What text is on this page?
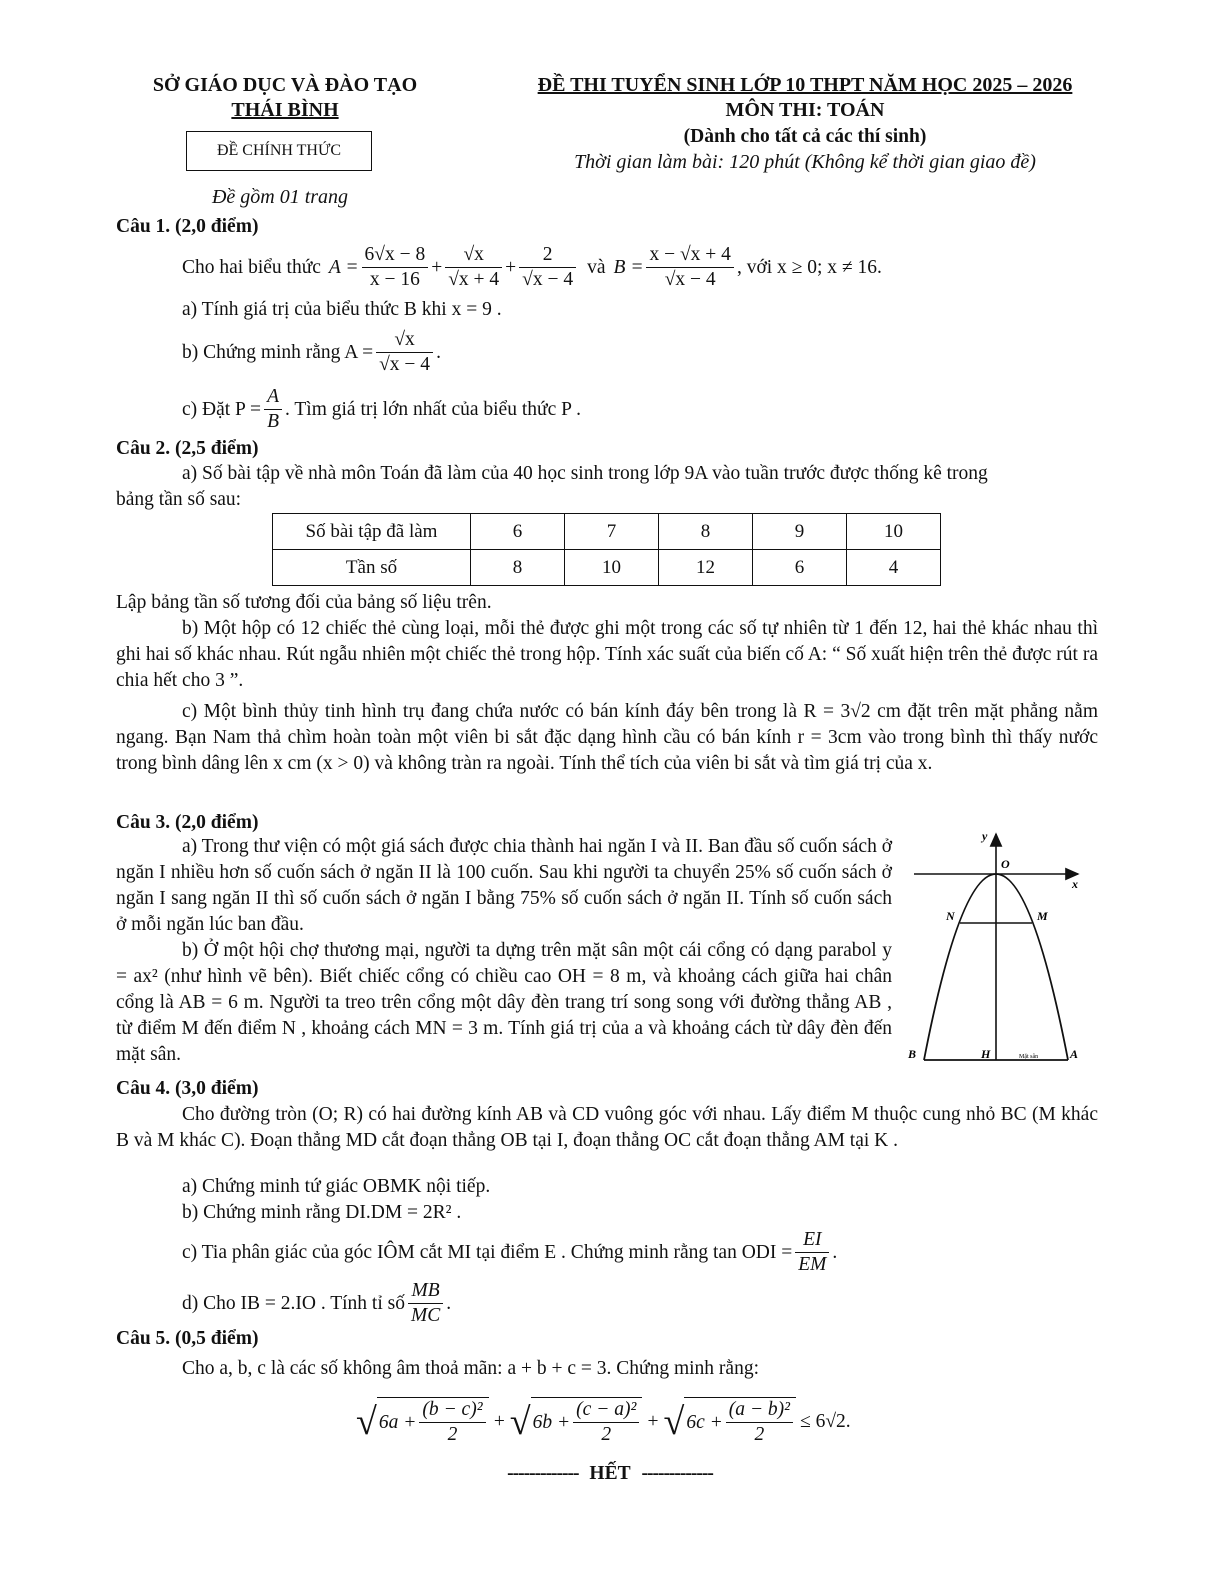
SỞ GIÁO DỤC VÀ ĐÀO TẠO
THÁI BÌNH
ĐỀ CHÍNH THỨC
Đề gồm 01 trang
ĐỀ THI TUYỂN SINH LỚP 10 THPT NĂM HỌC 2025 – 2026
MÔN THI: TOÁN
(Dành cho tất cả các thí sinh)
Thời gian làm bài: 120 phút (Không kể thời gian giao đề)
Câu 1. (2,0 điểm)
Cho hai biểu thức $A = \frac{6√x - 8}{x - 16} + \frac{√x}{√x + 4} + \frac{2}{√x - 4}$ và $B = \frac{x - √x + 4}{√x - 4}$ , với x ≥ 0; x ≠ 16.
a) Tính giá trị của biểu thức B khi x = 9 .
b) Chứng minh rằng $A = \frac{√x}{√x - 4}$ .
c) Đặt $P = \frac{A}{B}$ . Tìm giá trị lớn nhất của biểu thức P .
Câu 2. (2,5 điểm)
a) Số bài tập về nhà môn Toán đã làm của 40 học sinh trong lớp 9A vào tuần trước được thống kê trong
bảng tần số sau:
Số bài tập đã làm	6	7	8	9	10
Tần số	8	10	12	6	4
Lập bảng tần số tương đối của bảng số liệu trên.
b) Một hộp có 12 chiếc thẻ cùng loại, mỗi thẻ được ghi một trong các số tự nhiên từ 1 đến 12, hai thẻ khác nhau thì ghi hai số khác nhau. Rút ngẫu nhiên một chiếc thẻ trong hộp. Tính xác suất của biến cố A: “ Số xuất hiện trên thẻ được rút ra chia hết cho 3 ”.
c) Một bình thủy tinh hình trụ đang chứa nước có bán kính đáy bên trong là R = 3√2 cm đặt trên mặt phẳng nằm ngang. Bạn Nam thả chìm hoàn toàn một viên bi sắt đặc dạng hình cầu có bán kính r = 3cm vào trong bình thì thấy nước trong bình dâng lên x cm (x > 0) và không tràn ra ngoài. Tính thể tích của viên bi sắt và tìm giá trị của x.
Câu 3. (2,0 điểm)
a) Trong thư viện có một giá sách được chia thành hai ngăn I và II. Ban đầu số cuốn sách ở ngăn I nhiều hơn số cuốn sách ở ngăn II là 100 cuốn. Sau khi người ta chuyển 25% số cuốn sách ở ngăn I sang ngăn II thì số cuốn sách ở ngăn I bằng 75% số cuốn sách ở ngăn II. Tính số cuốn sách ở mỗi ngăn lúc ban đầu.
b) Ở một hội chợ thương mại, người ta dựng trên mặt sân một cái cổng có dạng parabol y = ax² (như hình vẽ bên). Biết chiếc cổng có chiều cao OH = 8 m, và khoảng cách giữa hai chân cổng là AB = 6 m. Người ta treo trên cổng một dây đèn trang trí song song với đường thẳng AB , từ điểm M đến điểm N , khoảng cách MN = 3 m. Tính giá trị của a và khoảng cách từ dây đèn đến mặt sân.
y
x
O
N	M
B	H	A
Mặt sân
Câu 4. (3,0 điểm)
Cho đường tròn (O; R) có hai đường kính AB và CD vuông góc với nhau. Lấy điểm M thuộc cung nhỏ BC (M khác B và M khác C). Đoạn thẳng MD cắt đoạn thẳng OB tại I, đoạn thẳng OC cắt đoạn thẳng AM tại K .
a) Chứng minh tứ giác OBMK nội tiếp.
b) Chứng minh rằng DI.DM = 2R² .
c) Tia phân giác của góc IÔM cắt MI tại điểm E . Chứng minh rằng tan ODI = $\frac{EI}{EM}$ .
d) Cho IB = 2.IO . Tính tỉ số $\frac{MB}{MC}$ .
Câu 5. (0,5 điểm)
Cho a, b, c là các số không âm thoả mãn: a + b + c = 3. Chứng minh rằng:
√ $6a + \frac{\text{(b − c)²}}{2}$ + √ $6b + \frac{\text{(c − a)²}}{2}$ + √ $6c + \frac{\text{(a − b)²}}{2} \le 6√2$.
------------- HẾT -------------
